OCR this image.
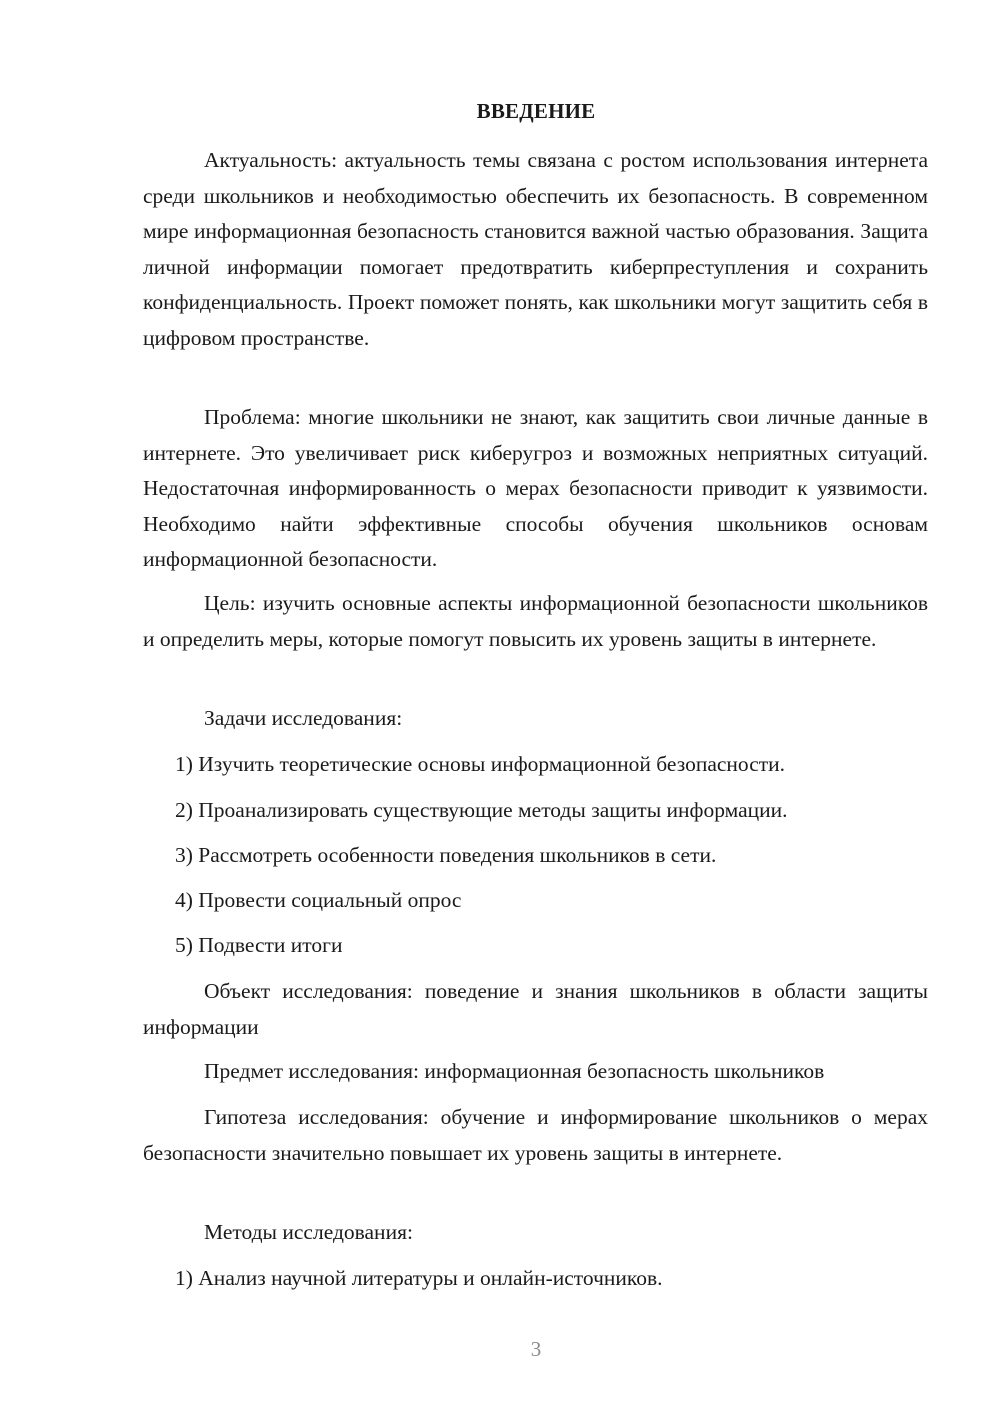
ВВЕДЕНИЕ

Актуальность: актуальность темы связана с ростом использования интернета среди школьников и необходимостью обеспечить их безопасность. В современном мире информационная безопасность становится важной частью образования. Защита личной информации помогает предотвратить киберпреступления и сохранить конфиденциальность. Проект поможет понять, как школьники могут защитить себя в цифровом пространстве.

Проблема: многие школьники не знают, как защитить свои личные данные в интернете. Это увеличивает риск киберугроз и возможных неприятных ситуаций. Недостаточная информированность о мерах безопасности приводит к уязвимости. Необходимо найти эффективные способы обучения школьников основам информационной безопасности.

Цель: изучить основные аспекты информационной безопасности школьников и определить меры, которые помогут повысить их уровень защиты в интернете.

Задачи исследования:

1) Изучить теоретические основы информационной безопасности.

2) Проанализировать существующие методы защиты информации.

3) Рассмотреть особенности поведения школьников в сети.

4) Провести социальный опрос

5) Подвести итоги

Объект исследования: поведение и знания школьников в области защиты информации

Предмет исследования: информационная безопасность школьников

Гипотеза исследования: обучение и информирование школьников о мерах безопасности значительно повышает их уровень защиты в интернете.

Методы исследования:

1) Анализ научной литературы и онлайн-источников.

3
